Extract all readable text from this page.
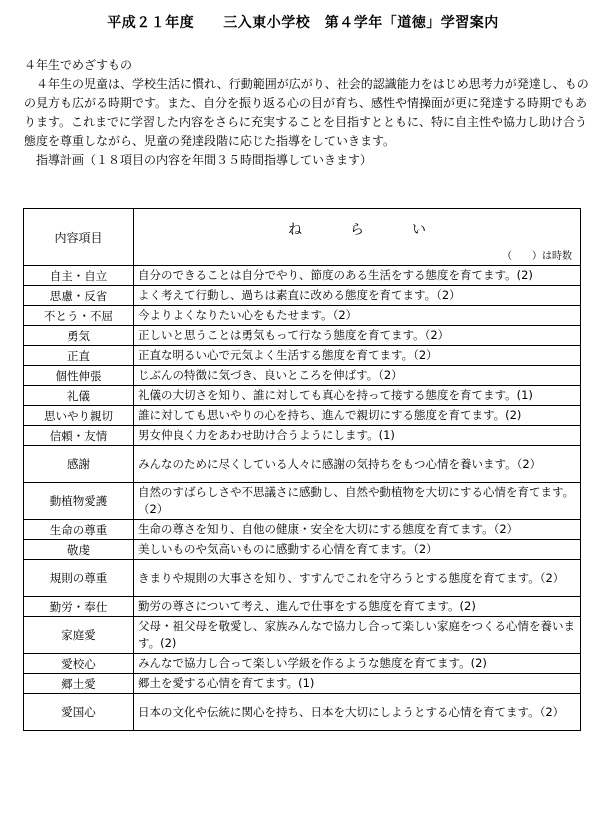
平成２１年度　　三入東小学校　第４学年「道徳」学習案内

４年生でめざすもの

４年生の児童は、学校生活に慣れ、行動範囲が広がり、社会的認識能力をはじめ思考力が発達し、ものの見方も広がる時期です。また、自分を振り返る心の目が育ち、感性や情操面が更に発達する時期でもあります。これまでに学習した内容をさらに充実することを目指すとともに、特に自主性や協力し助け合う態度を尊重しながら、児童の発達段階に応じた指導をしていきます。

指導計画（１８項目の内容を年間３５時間指導していきます）

内容項目	ねらい
（　　）は時数

自主・自立	自分のできることは自分でやり、節度のある生活をする態度を育てます。(2)
思慮・反省	よく考えて行動し、過ちは素直に改める態度を育てます。（2）
不とう・不屈	今よりよくなりたい心をもたせます。（2）
勇気	正しいと思うことは勇気もって行なう態度を育てます。（2）
正直	正直な明るい心で元気よく生活する態度を育てます。（2）
個性伸張	じぶんの特徴に気づき、良いところを伸ばす。（2）
礼儀	礼儀の大切さを知り、誰に対しても真心を持って接する態度を育てます。(1)
思いやり親切	誰に対しても思いやりの心を持ち、進んで親切にする態度を育てます。(2)
信頼・友情	男女仲良く力をあわせ助け合うようにします。(1)
感謝	みんなのために尽くしている人々に感謝の気持ちをもつ心情を養います。（2）
動植物愛護	自然のすばらしさや不思議さに感動し、自然や動植物を大切にする心情を育てます。（2）
生命の尊重	生命の尊さを知り、自他の健康・安全を大切にする態度を育てます。（2）
敬虔	美しいものや気高いものに感動する心情を育てます。（2）
規則の尊重	きまりや規則の大事さを知り、すすんでこれを守ろうとする態度を育てます。（2）
勤労・奉仕	勤労の尊さについて考え、進んで仕事をする態度を育てます。(2)
家庭愛	父母・祖父母を敬愛し、家族みんなで協力し合って楽しい家庭をつくる心情を養います。(2)
愛校心	みんなで協力し合って楽しい学級を作るような態度を育てます。(2)
郷土愛	郷土を愛する心情を育てます。(1)
愛国心	日本の文化や伝統に関心を持ち、日本を大切にしようとする心情を育てます。（2）
